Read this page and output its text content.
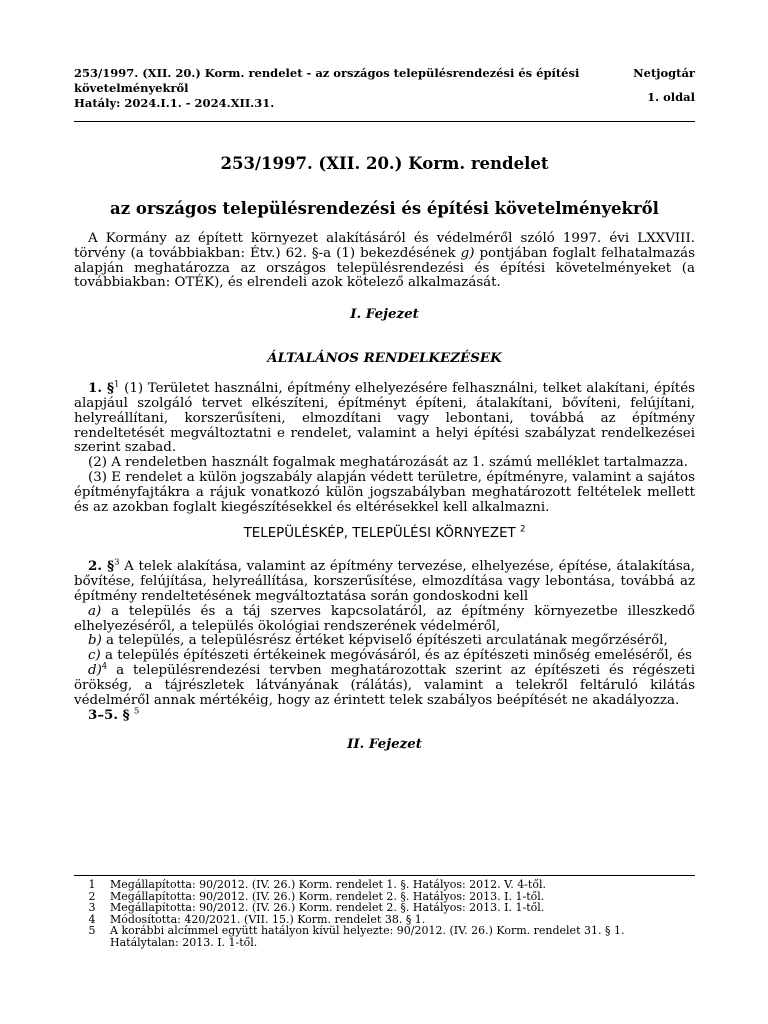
253/1997. (XII. 20.) Korm. rendelet - az országos településrendezési és építési követelményekről
Hatály: 2024.I.1. - 2024.XII.31.
Netjogtár
1. oldal
253/1997. (XII. 20.) Korm. rendelet
az országos településrendezési és építési követelményekről
A Kormány az épített környezet alakításáról és védelméről szóló 1997. évi LXXVIII. törvény (a továbbiakban: Étv.) 62. §-a (1) bekezdésének g) pontjában foglalt felhatalmazás alapján meghatározza az országos településrendezési és építési követelményeket (a továbbiakban: OTÉK), és elrendeli azok kötelező alkalmazását.
I. Fejezet
ÁLTALÁNOS RENDELKEZÉSEK
1. §$^1$ (1) Területet használni, építmény elhelyezésére felhasználni, telket alakítani, építés alapjául szolgáló tervet elkészíteni, építményt építeni, átalakítani, bővíteni, felújítani, helyreállítani, korszerűsíteni, elmozdítani vagy lebontani, továbbá az építmény rendeltetését megváltoztatni e rendelet, valamint a helyi építési szabályzat rendelkezései szerint szabad.
(2) A rendeletben használt fogalmak meghatározását az 1. számú melléklet tartalmazza.
(3) E rendelet a külön jogszabály alapján védett területre, építményre, valamint a sajátos építményfajtákra a rájuk vonatkozó külön jogszabályban meghatározott feltételek mellett és az azokban foglalt kiegészítésekkel és eltérésekkel kell alkalmazni.
TELEPÜLÉSKÉP, TELEPÜLÉSI KÖRNYEZET $^2$
2. §$^3$ A telek alakítása, valamint az építmény tervezése, elhelyezése, építése, átalakítása, bővítése, felújítása, helyreállítása, korszerűsítése, elmozdítása vagy lebontása, továbbá az építmény rendeltetésének megváltoztatása során gondoskodni kell
a) a település és a táj szerves kapcsolatáról, az építmény környezetbe illeszkedő elhelyezéséről, a település ökológiai rendszerének védelméről,
b) a település, a településrész értéket képviselő építészeti arculatának megőrzéséről,
c) a település építészeti értékeinek megóvásáról, és az építészeti minőség emeléséről, és
d)$^4$ a településrendezési tervben meghatározottak szerint az építészeti és régészeti örökség, a tájrészletek látványának (rálátás), valamint a telekről feltáruló kilátás védelméről annak mértékéig, hogy az érintett telek szabályos beépítését ne akadályozza.
3–5. § $^5$
II. Fejezet
1	Megállapította: 90/2012. (IV. 26.) Korm. rendelet 1. §. Hatályos: 2012. V. 4-től.
2	Megállapította: 90/2012. (IV. 26.) Korm. rendelet 2. §. Hatályos: 2013. I. 1-től.
3	Megállapította: 90/2012. (IV. 26.) Korm. rendelet 2. §. Hatályos: 2013. I. 1-től.
4	Módosította: 420/2021. (VII. 15.) Korm. rendelet 38. § 1.
5	A korábbi alcímmel együtt hatályon kívül helyezte: 90/2012. (IV. 26.) Korm. rendelet 31. § 1. Hatálytalan: 2013. I. 1-től.
